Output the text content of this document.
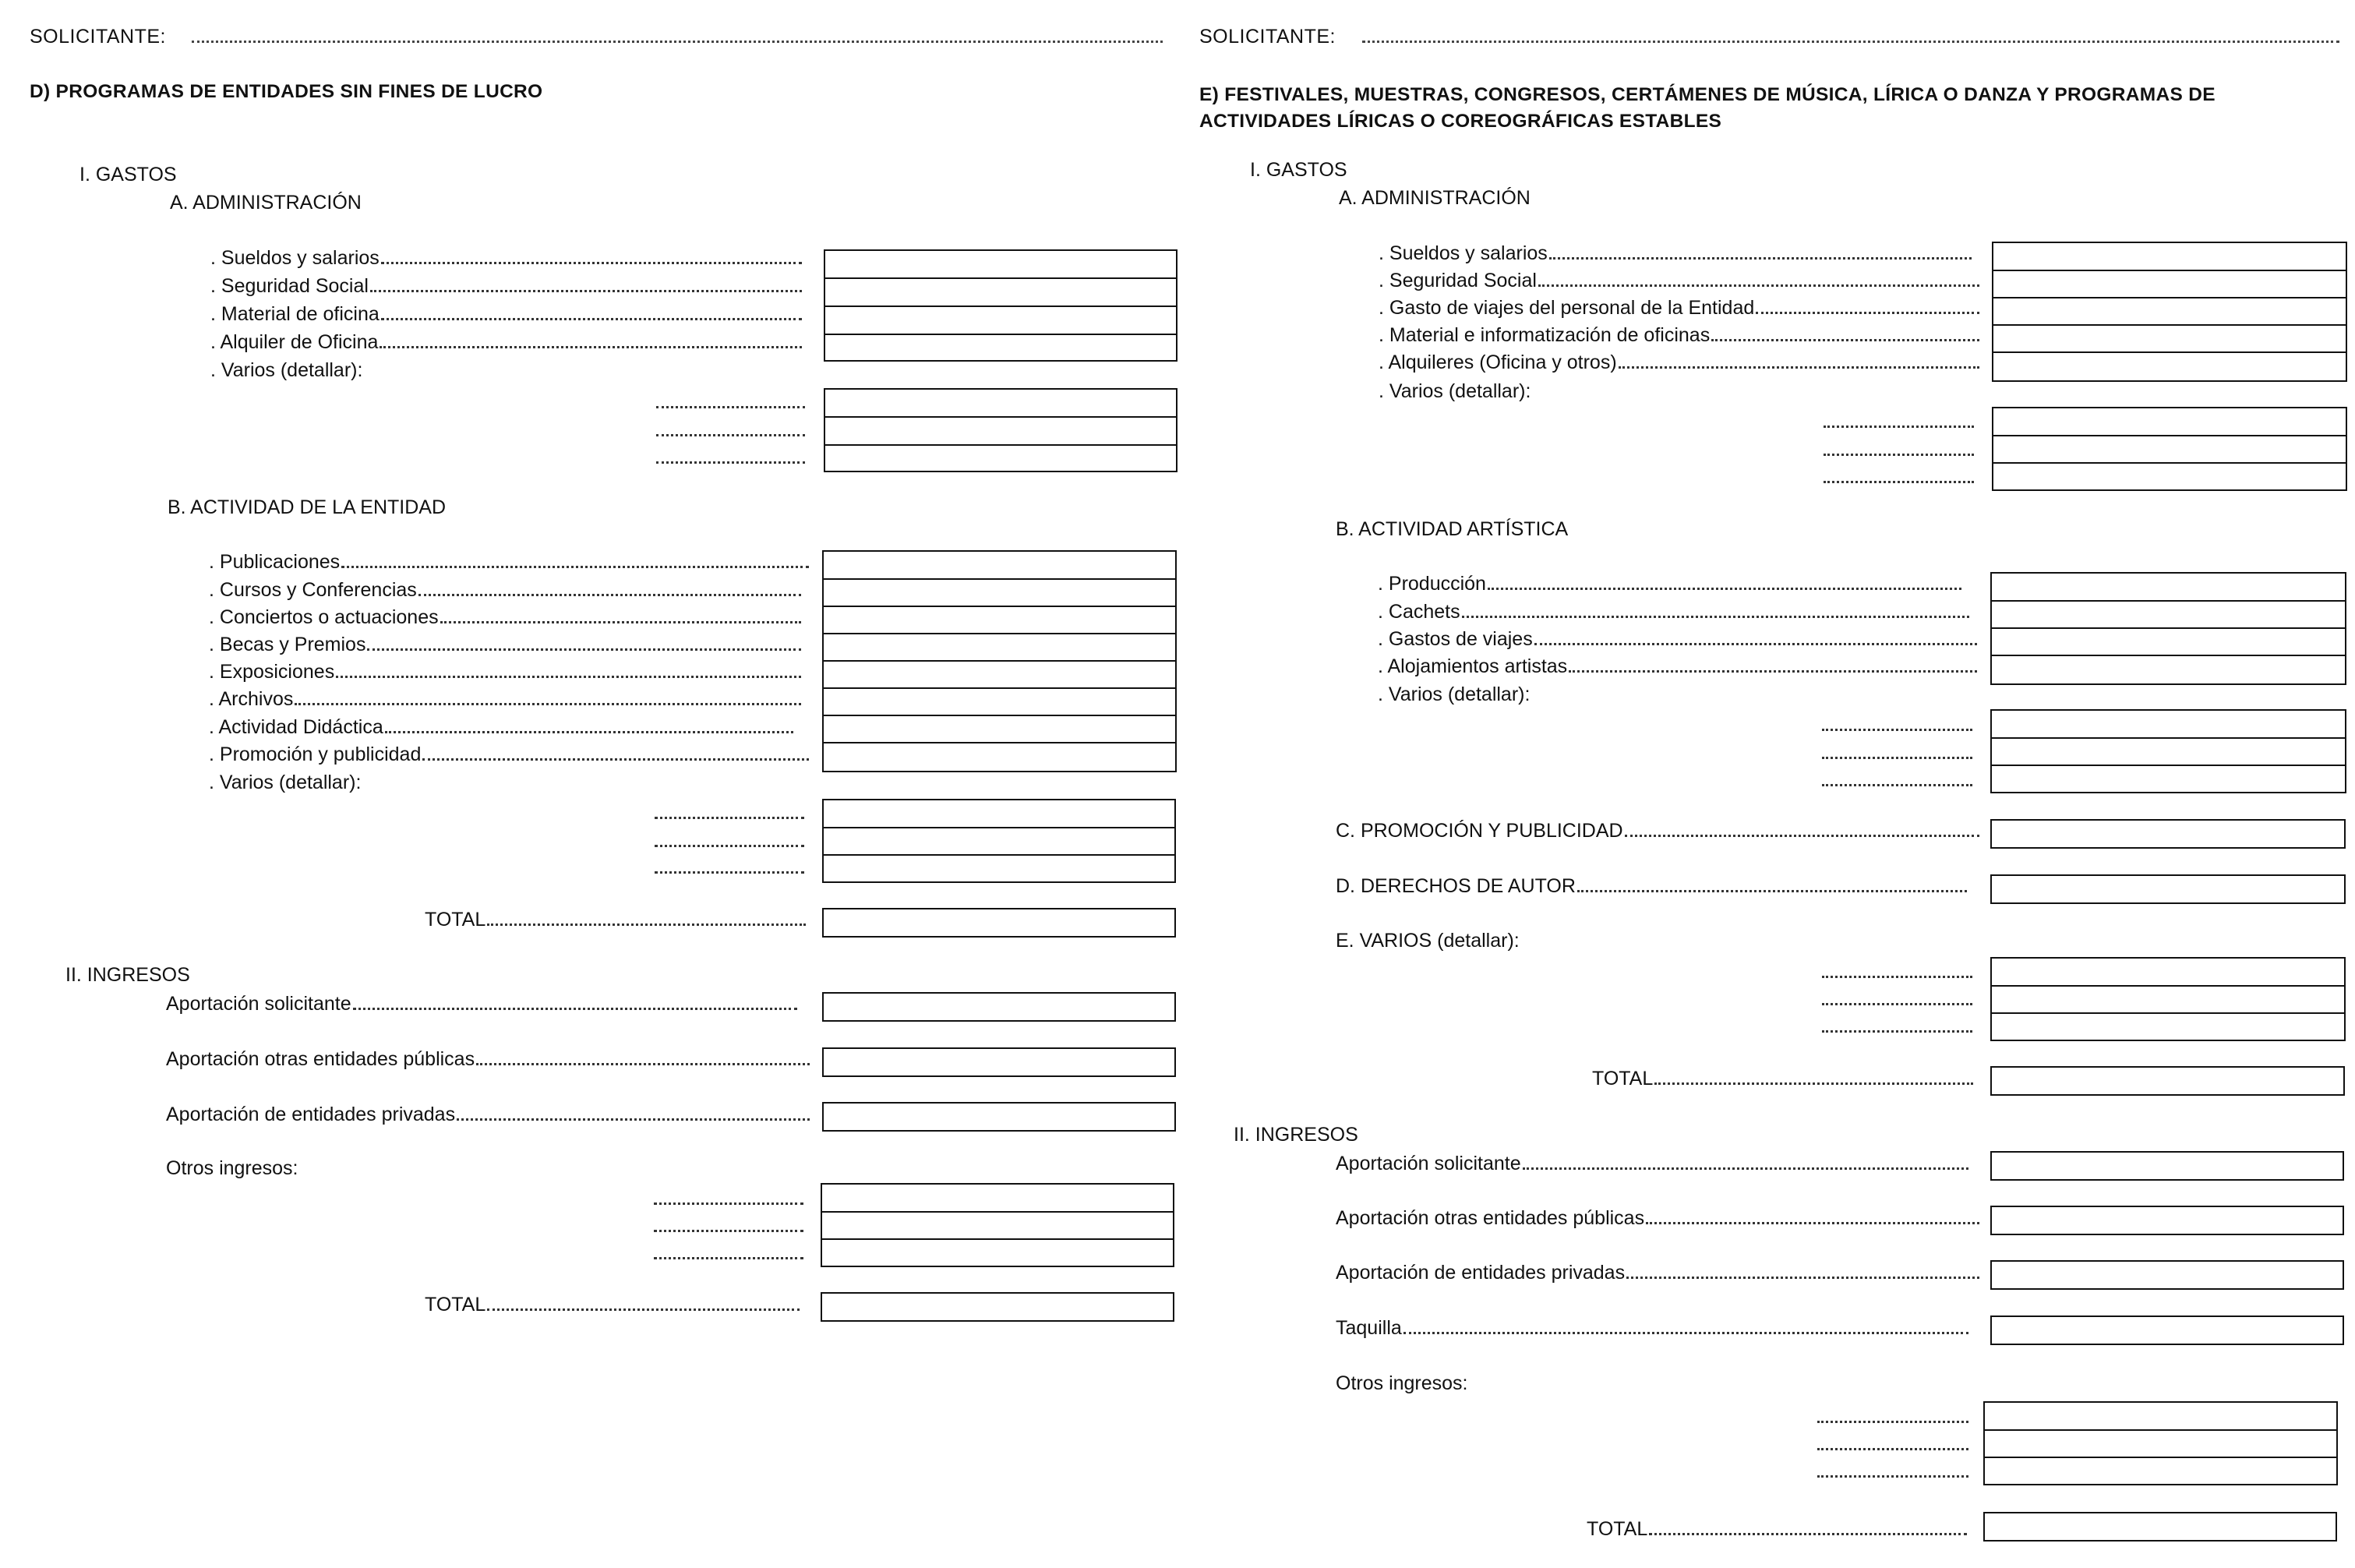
SOLICITANTE:
D) PROGRAMAS DE ENTIDADES SIN FINES DE LUCRO
I. GASTOS
A. ADMINISTRACIÓN
. Sueldos y salarios
. Seguridad Social
. Material de oficina
. Alquiler de Oficina
. Varios (detallar):
B. ACTIVIDAD DE LA ENTIDAD
. Publicaciones
. Cursos y Conferencias
. Conciertos o actuaciones
. Becas y Premios
. Exposiciones
. Archivos
. Actividad Didáctica
. Promoción y publicidad
. Varios (detallar):
TOTAL
II. INGRESOS
Aportación solicitante
Aportación otras entidades públicas
Aportación de entidades privadas
Otros ingresos:
TOTAL
SOLICITANTE:
E) FESTIVALES, MUESTRAS, CONGRESOS, CERTÁMENES DE MÚSICA, LÍRICA O DANZA Y PROGRAMAS DE
ACTIVIDADES LÍRICAS O COREOGRÁFICAS ESTABLES
I. GASTOS
A. ADMINISTRACIÓN
. Sueldos y salarios
. Seguridad Social
. Gasto de viajes del personal de la Entidad
. Material e informatización de oficinas
. Alquileres (Oficina y otros)
. Varios (detallar):
B. ACTIVIDAD ARTÍSTICA
. Producción
. Cachets
. Gastos de viajes
. Alojamientos artistas
. Varios (detallar):
C. PROMOCIÓN Y PUBLICIDAD
D. DERECHOS DE AUTOR
E. VARIOS (detallar):
TOTAL
II. INGRESOS
Aportación solicitante
Aportación otras entidades públicas
Aportación de entidades privadas
Taquilla
Otros ingresos:
TOTAL
